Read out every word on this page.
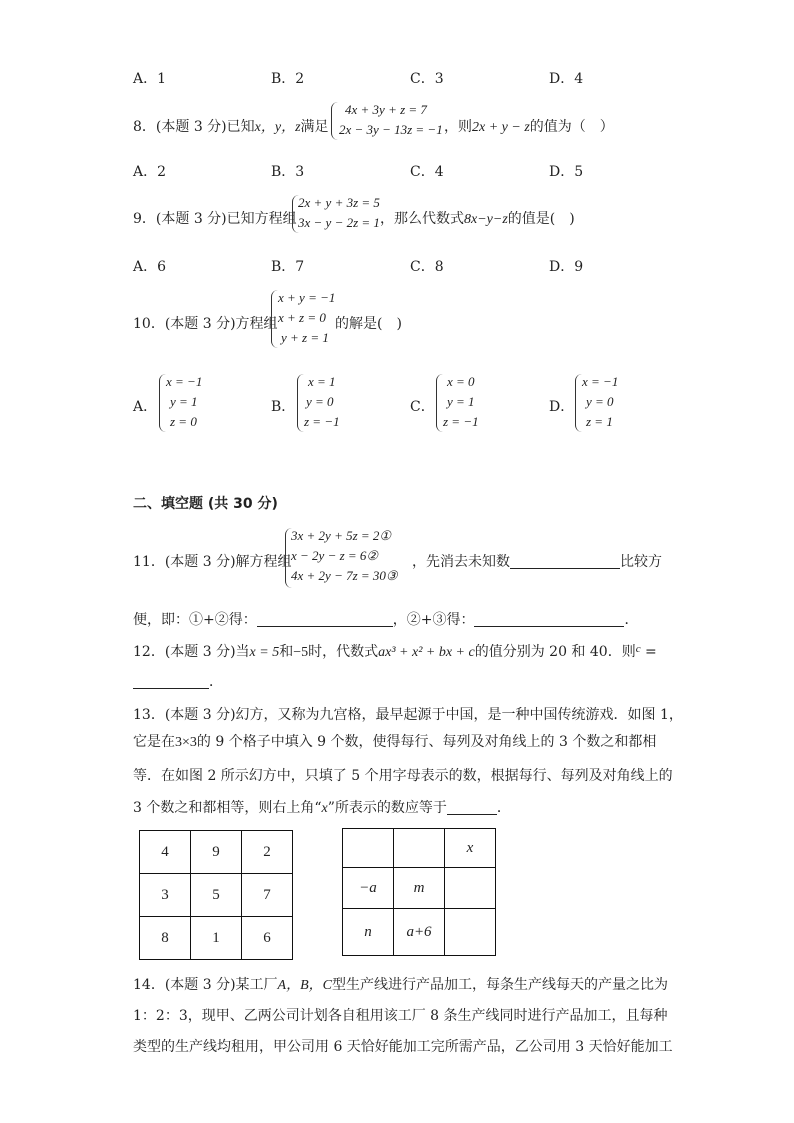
A．1	B．2	C．3	D．4
8．(本题 3 分)已知x，y，z满足
4x + 3y + z = 7
2x − 3y − 13z = −1 ，则2x + y − z的值为（　）
A．2	B．3	C．4	D．5
9．(本题 3 分)已知方程组
2x + y + 3z = 5
3x − y − 2z = 1 ，那么代数式8x−y−z的值是(　)
A．6	B．7	C．8	D．9
10．(本题 3 分)方程组
x + y = −1
x + z = 0
y + z = 1
的解是(　)
A．
x = −1
y = 1
z = 0
B．
x = 1
y = 0
z = −1
C．
x = 0
y = 1
z = −1
D．
x = −1
y = 0
z = 1
二、填空题 (共 30 分)
11．(本题 3 分)解方程组
3x + 2y + 5z = 2①
x − 2y − z = 6②
4x + 2y − 7z = 30③
，先消去未知数	比较方
便，即：①+②得：	，②+③得：	．
12．(本题 3 分)当x = 5和−5时，代数式ax³ + x² + bx + c的值分别为 20 和 40．则$^c$ =
．
13．(本题 3 分)幻方，又称为九宫格，最早起源于中国，是一种中国传统游戏．如图 1，
它是在3×3的 9 个格子中填入 9 个数，使得每行、每列及对角线上的 3 个数之和都相
等．在如图 2 所示幻方中，只填了 5 个用字母表示的数，根据每行、每列及对角线上的
3 个数之和都相等，则右上角“x”所表示的数应等于	．
4	9	2
3	5	7
8	1	6
		x
−a	m	
n	a+6	
14．(本题 3 分)某工厂A，B，C型生产线进行产品加工，每条生产线每天的产量之比为
1：2：3，现甲、乙两公司计划各自租用该工厂 8 条生产线同时进行产品加工，且每种
类型的生产线均租用，甲公司用 6 天恰好能加工完所需产品，乙公司用 3 天恰好能加工
